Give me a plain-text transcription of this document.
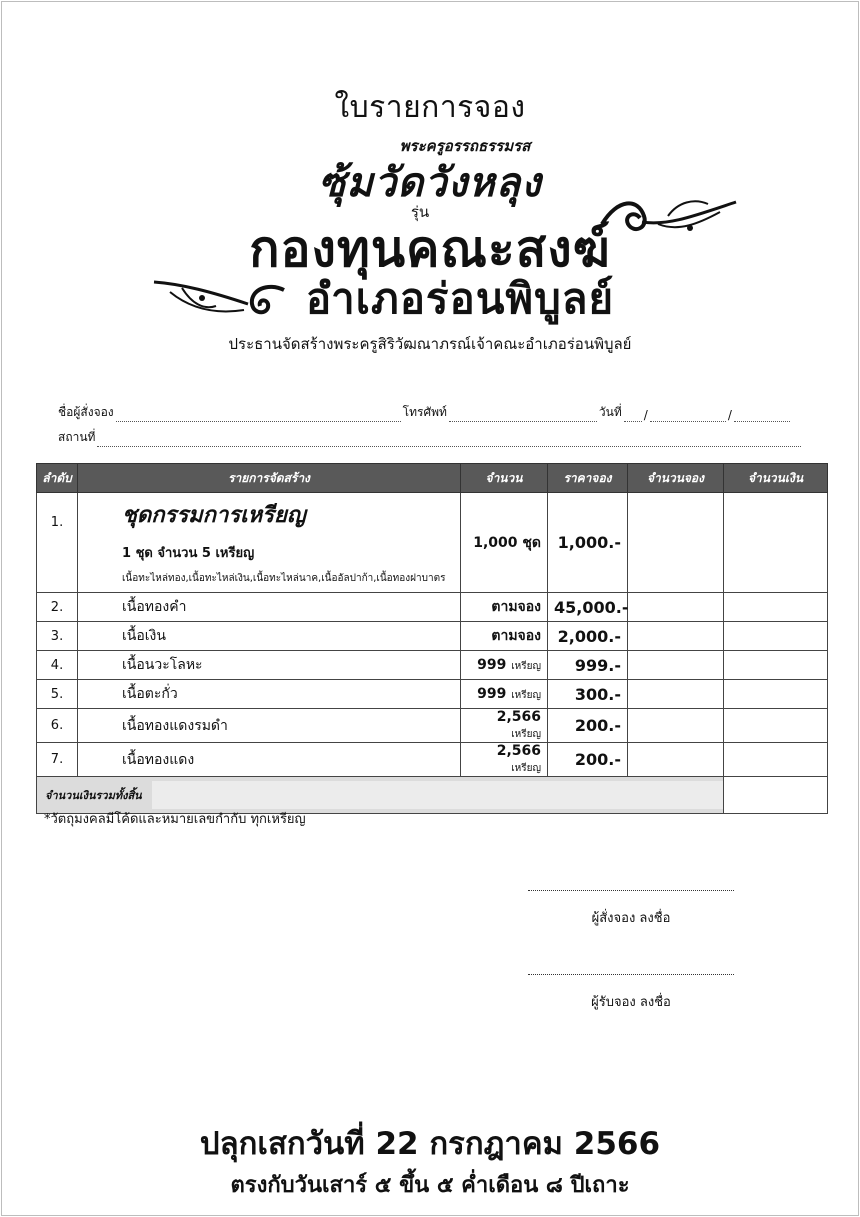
ใบรายการจอง
พระครูอรรถธรรมรส
ซุ้มวัดวังหลุง
รุ่น
กองทุนคณะสงฆ์
อำเภอร่อนพิบูลย์
ประธานจัดสร้างพระครูสิริวัฒณาภรณ์เจ้าคณะอำเภอร่อนพิบูลย์
ชื่อผู้สั่งจอง	โทรศัพท์	วันที่ /	/
สถานที่
ลำดับ	รายการจัดสร้าง	จำนวน	ราคาจอง	จำนวนจอง	จำนวนเงิน
1.	ชุดกรรมการเหรียญ
1 ชุด จำนวน 5 เหรียญ
เนื้อทะไหล่ทอง,เนื้อทะไหล่เงิน,เนื้อทะไหล่นาค,เนื้ออัลปาก้า,เนื้อทองฝาบาตร	1,000 ชุด	1,000.-		
2.	เนื้อทองคำ	ตามจอง	45,000.-		
3.	เนื้อเงิน	ตามจอง	2,000.-		
4.	เนื้อนวะโลหะ	999 เหรียญ	999.-		
5.	เนื้อตะกั่ว	999 เหรียญ	300.-		
6.	เนื้อทองแดงรมดำ	2,566 เหรียญ	200.-		
7.	เนื้อทองแดง	2,566 เหรียญ	200.-		

จำนวนเงินรวมทั้งสิ้น					

*วัตถุมงคลมีโค้ดและหมายเลขกำกับ ทุกเหรียญ
ผู้สั่งจอง ลงชื่อ
ผู้รับจอง ลงชื่อ
ปลุกเสกวันที่ 22 กรกฎาคม 2566
ตรงกับวันเสาร์ ๕ ขึ้น ๕ ค่ำเดือน ๘ ปีเถาะ
